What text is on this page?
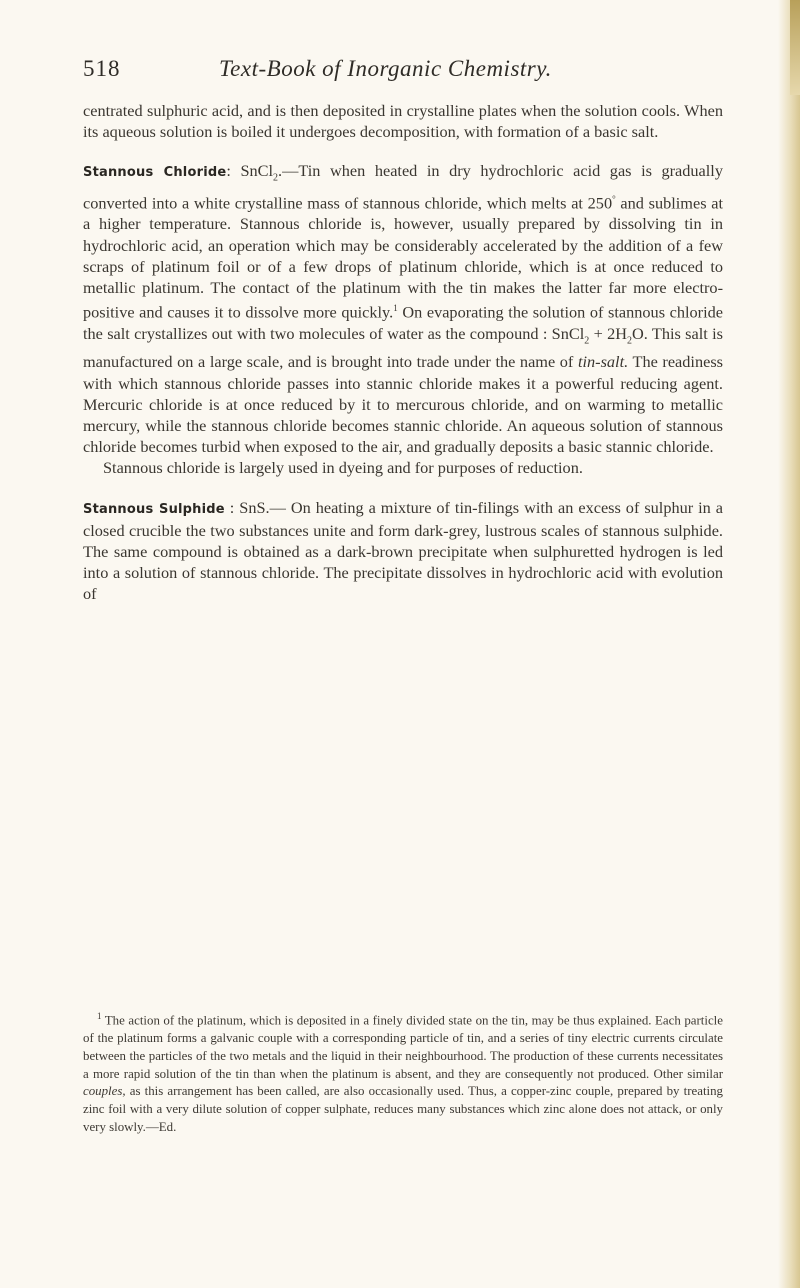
518	Text-Book of Inorganic Chemistry.

centrated sulphuric acid, and is then deposited in crystalline plates when the solution cools. When its aqueous solution is boiled it undergoes decomposition, with formation of a basic salt.

Stannous Chloride: SnCl$_2$.—Tin when heated in dry hydrochloric acid gas is gradually converted into a white crystalline mass of stannous chloride, which melts at 250° and sublimes at a higher temperature. Stannous chloride is, however, usually prepared by dissolving tin in hydrochloric acid, an operation which may be considerably accelerated by the addition of a few scraps of platinum foil or of a few drops of platinum chloride, which is at once reduced to metallic platinum. The contact of the platinum with the tin makes the latter far more electro-positive and causes it to dissolve more quickly.$^1$ On evaporating the solution of stannous chloride the salt crystallizes out with two molecules of water as the compound : SnCl$_2$ + $2H_2O$. This salt is manufactured on a large scale, and is brought into trade under the name of tin-salt. The readiness with which stannous chloride passes into stannic chloride makes it a powerful reducing agent. Mercuric chloride is at once reduced by it to mercurous chloride, and on warming to metallic mercury, while the stannous chloride becomes stannic chloride. An aqueous solution of stannous chloride becomes turbid when exposed to the air, and gradually deposits a basic stannic chloride.

Stannous chloride is largely used in dyeing and for purposes of reduction.

Stannous Sulphide : SnS.— On heating a mixture of tin-filings with an excess of sulphur in a closed crucible the two substances unite and form dark-grey, lustrous scales of stannous sulphide. The same compound is obtained as a dark-brown precipitate when sulphuretted hydrogen is led into a solution of stannous chloride. The precipitate dissolves in hydrochloric acid with evolution of

$^1$ The action of the platinum, which is deposited in a finely divided state on the tin, may be thus explained. Each particle of the platinum forms a galvanic couple with a corresponding particle of tin, and a series of tiny electric currents circulate between the particles of the two metals and the liquid in their neighbourhood. The production of these currents necessitates a more rapid solution of the tin than when the platinum is absent, and they are consequently not produced. Other similar couples, as this arrangement has been called, are also occasionally used. Thus, a copper-zinc couple, prepared by treating zinc foil with a very dilute solution of copper sulphate, reduces many substances which zinc alone does not attack, or only very slowly.—Ed.
